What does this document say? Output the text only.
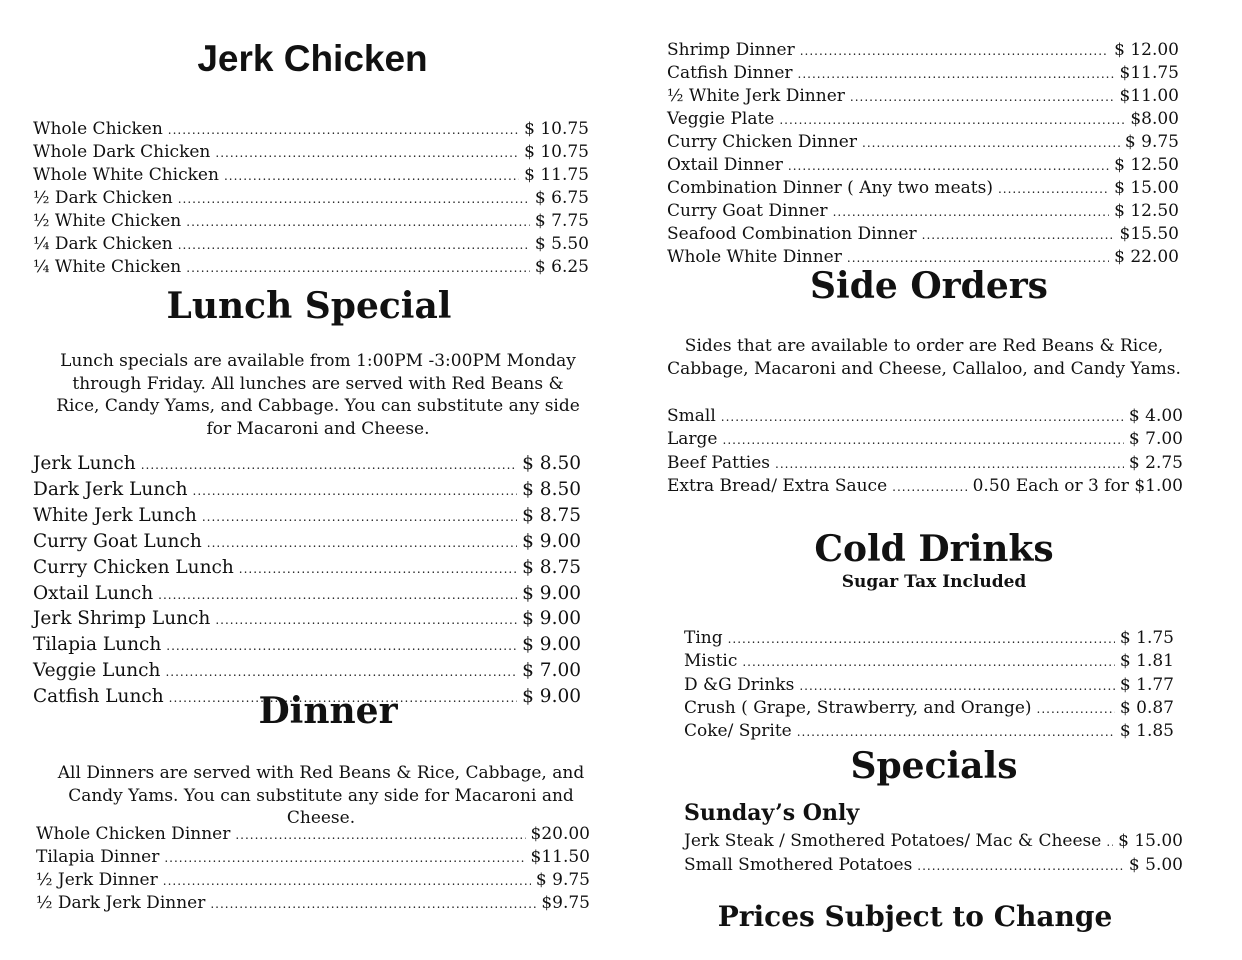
Jerk Chicken
Whole Chicken .....	$ 10.75
Whole Dark Chicken .....	$ 10.75
Whole White Chicken .....	$ 11.75
½ Dark Chicken .....	$ 6.75
½ White Chicken .....	$ 7.75
¼ Dark Chicken .....	$ 5.50
¼ White Chicken .....	$ 6.25
Lunch Special

Lunch specials are available from 1:00PM -3:00PM Monday through Friday. All lunches are served with Red Beans & Rice, Candy Yams, and Cabbage. You can substitute any side for Macaroni and Cheese.

Jerk Lunch .....	$ 8.50
Dark Jerk Lunch .....	$ 8.50
White Jerk Lunch .....	$ 8.75
Curry Goat Lunch .....	$ 9.00
Curry Chicken Lunch .....	$ 8.75
Oxtail Lunch .....	$ 9.00
Jerk Shrimp Lunch .....	$ 9.00
Tilapia Lunch .....	$ 9.00
Veggie Lunch .....	$ 7.00
Catfish Lunch .....	$ 9.00
Dinner

All Dinners are served with Red Beans & Rice, Cabbage, and Candy Yams. You can substitute any side for Macaroni and Cheese.

Whole Chicken Dinner .....	$20.00
Tilapia Dinner .....	$11.50
½ Jerk Dinner .....	$ 9.75
½ Dark Jerk Dinner .....	$9.75
Shrimp Dinner .....	$ 12.00
Catfish Dinner .....	$11.75
½ White Jerk Dinner .....	$11.00
Veggie Plate .....	$8.00
Curry Chicken Dinner .....	$ 9.75
Oxtail Dinner .....	$ 12.50
Combination Dinner ( Any two meats) .....	$ 15.00
Curry Goat Dinner .....	$ 12.50
Seafood Combination Dinner .....	$15.50
Whole White Dinner .....	$ 22.00
Side Orders

Sides that are available to order are Red Beans & Rice, Cabbage, Macaroni and Cheese, Callaloo, and Candy Yams.

Small .....	$ 4.00
Large .....	$ 7.00
Beef Patties .....	$ 2.75
Extra Bread/ Extra Sauce .....	0.50 Each or 3 for $1.00
Cold Drinks

Sugar Tax Included

Ting .....	$ 1.75
Mistic .....	$ 1.81
D &G Drinks .....	$ 1.77
Crush ( Grape, Strawberry, and Orange) .....	$ 0.87
Coke/ Sprite .....	$ 1.85
Specials

Sunday’s Only

Jerk Steak / Smothered Potatoes/ Mac & Cheese ..... $ 15.00
Small Smothered Potatoes .....	$ 5.00
Prices Subject to Change
